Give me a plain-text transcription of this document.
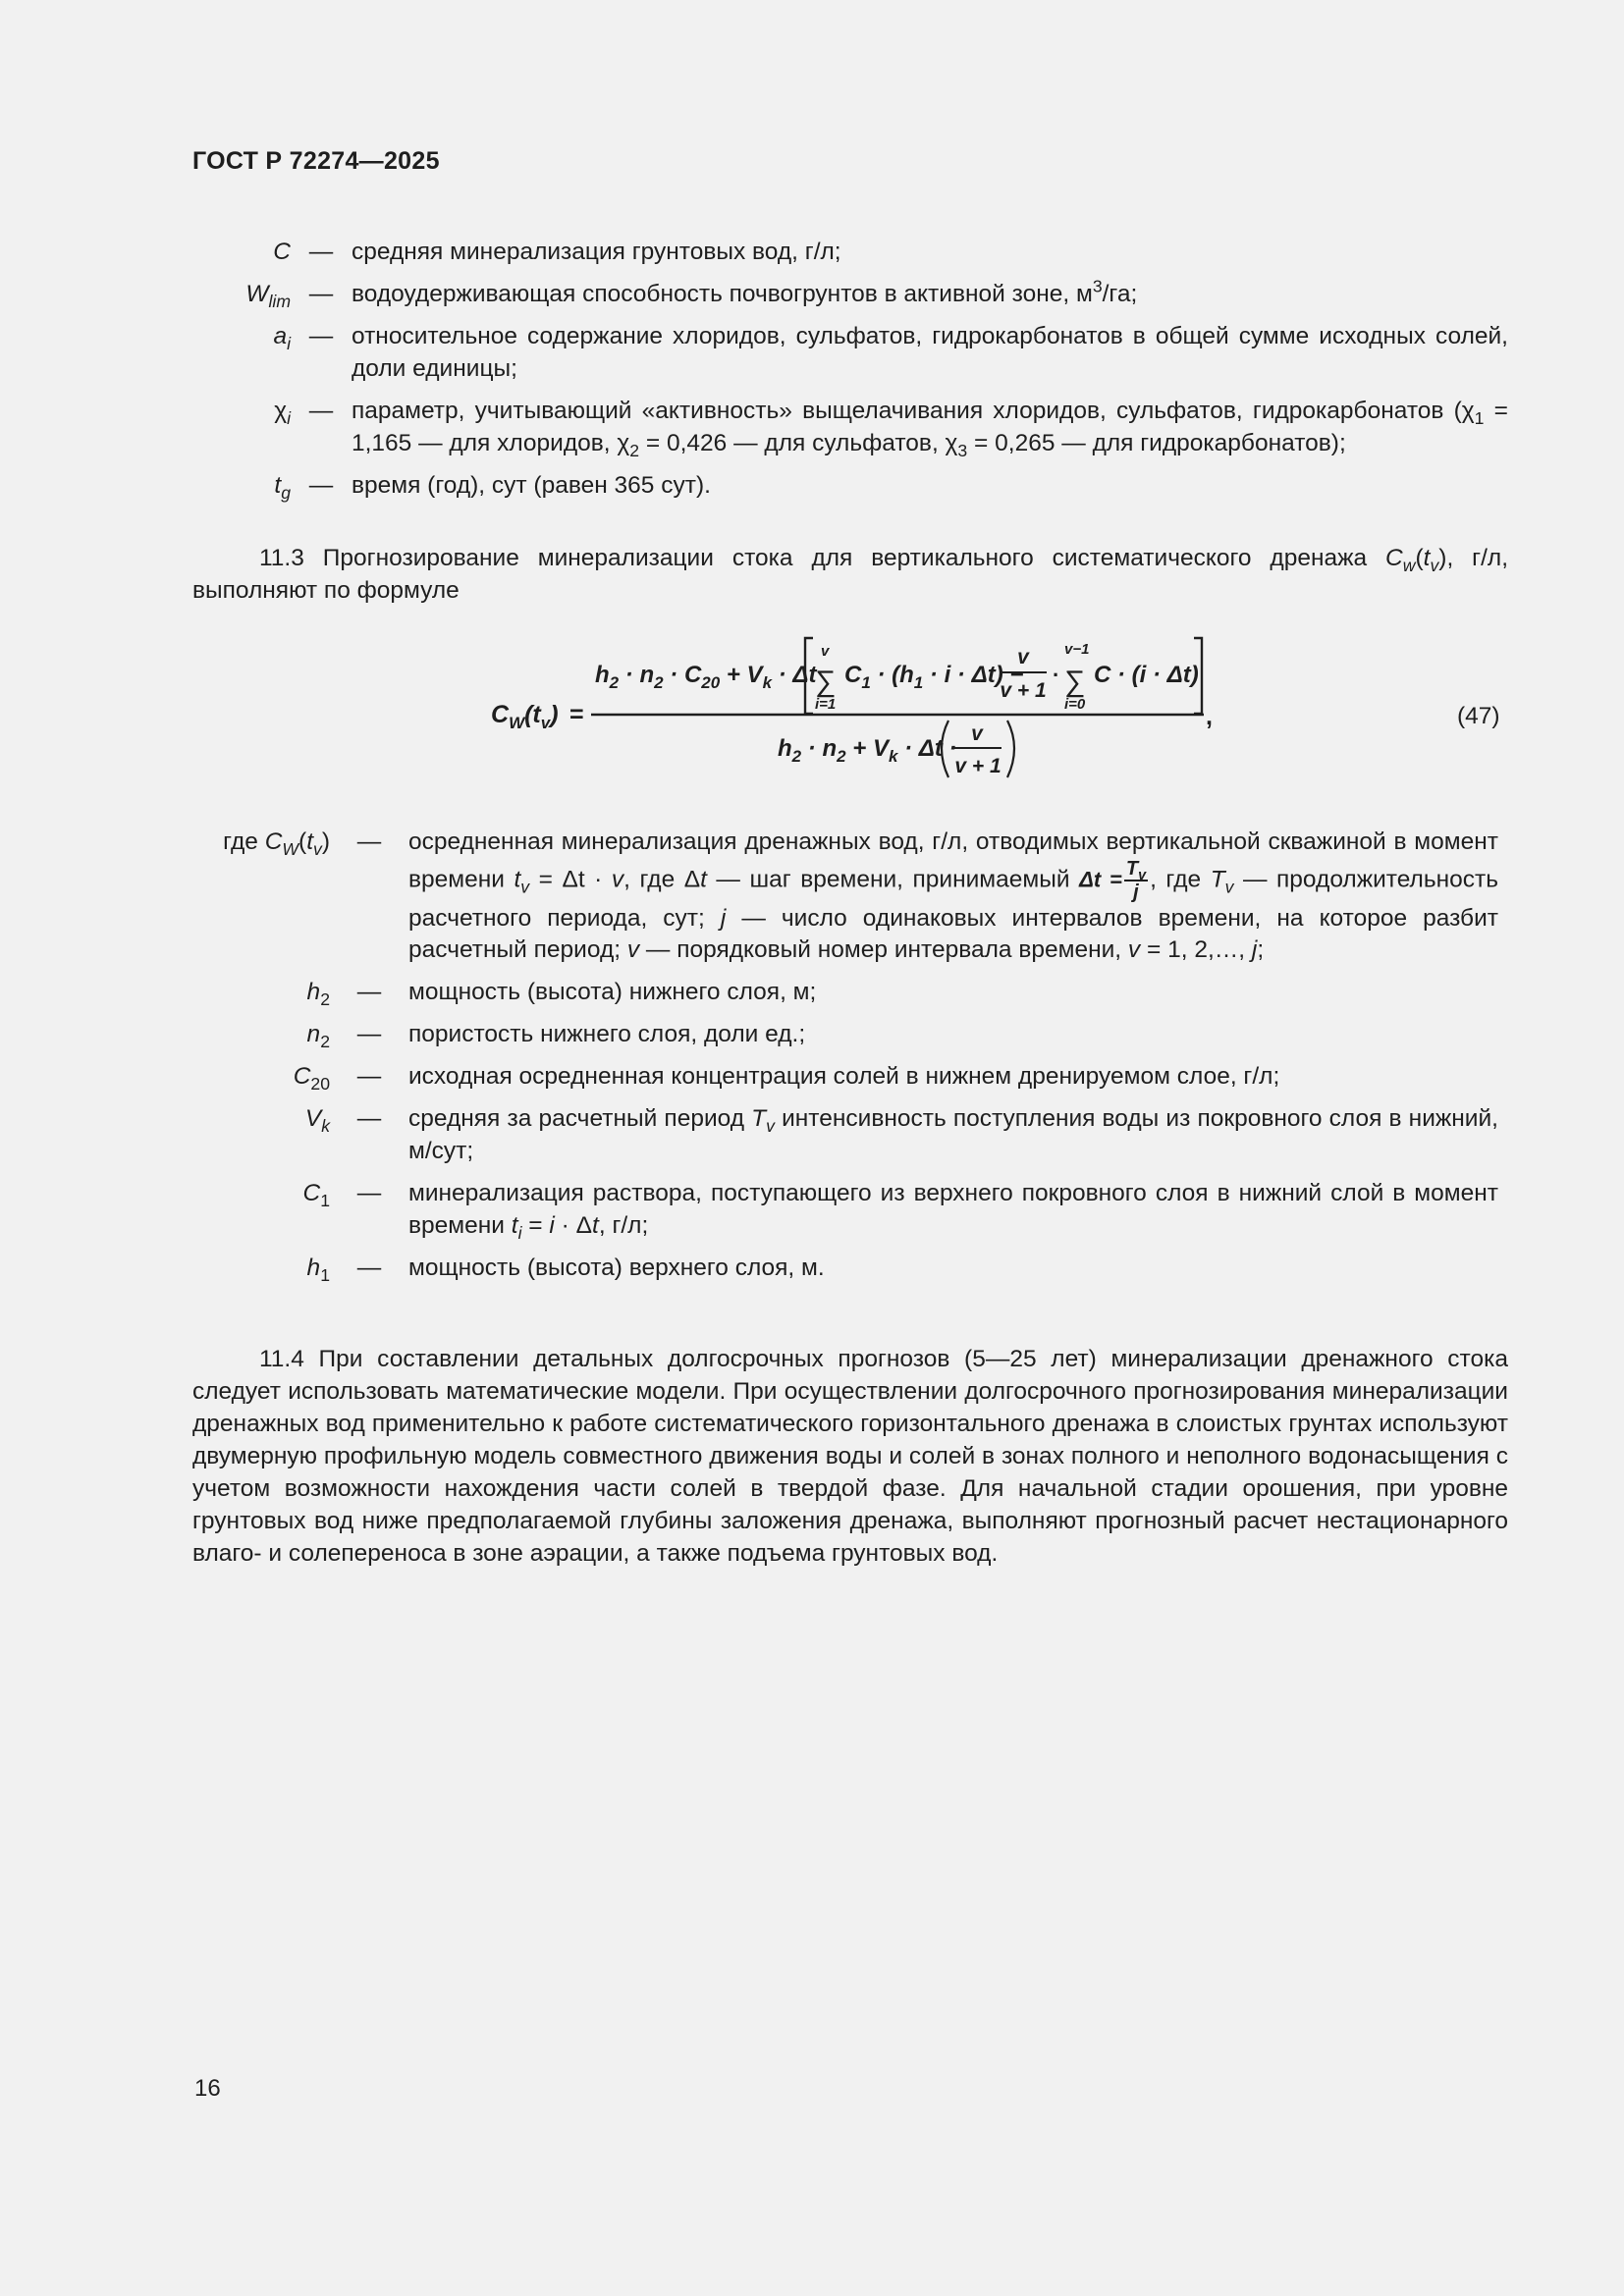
ГОСТ Р 72274—2025
C — средняя минерализация грунтовых вод, г/л;
$W_{lim}$ — водоудерживающая способность почвогрунтов в активной зоне, $м^3/га$;
$a_i$ — относительное содержание хлоридов, сульфатов, гидрокарбонатов в общей сумме исходных солей, доли единицы;
$\chi_i$ — параметр, учитывающий «активность» выщелачивания хлоридов, сульфатов, гидрокарбонатов ($\chi_1 = 1,165$ — для хлоридов, $\chi_2 = 0,426$ — для сульфатов, $\chi_3 = 0,265$ — для гидрокарбонатов);
$t_g$ — время (год), сут (равен 365 сут).
11.3 Прогнозирование минерализации стока для вертикального систематического дренажа $C_w(t_v)$, г/л, выполняют по формуле
$C_W(t_v)$ =
$h_2 \cdot n_2 \cdot C_{20} + V_k \cdot \Delta t$
v
∑
i=1
$C_1 \cdot (h_1 \cdot i \cdot \Delta t)$ −
v
v + 1
·
v−1
∑
i=0
C · (i · Δt)
,
$h_2 \cdot n_2 + V_k \cdot \Delta t$ ·
v
v + 1
(47)
где $C_W(t_v)$	—	осредненная минерализация дренажных вод, г/л, отводимых вертикальной скважиной в момент времени $t_v = \Delta t \cdot v$, где Δt — шаг времени, принимаемый $\Delta t = \frac{T_v}{j}$ , где $T_v$ — продолжительность расчетного периода, сут; j — число одинаковых интервалов времени, на которое разбит расчетный период; v — порядковый номер интервала времени, v = 1, 2,…, j;
$h_2$	—	мощность (высота) нижнего слоя, м;
$n_2$	—	пористость нижнего слоя, доли ед.;
$C_{20}$	—	исходная осредненная концентрация солей в нижнем дренируемом слое, г/л;
$V_k$	—	средняя за расчетный период $T_v$ интенсивность поступления воды из покровного слоя в нижний, м/сут;
$C_1$	—	минерализация раствора, поступающего из верхнего покровного слоя в нижний слой в момент времени $t_i = i \cdot \Delta t$, г/л;
$h_1$	—	мощность (высота) верхнего слоя, м.
11.4 При составлении детальных долгосрочных прогнозов (5—25 лет) минерализации дренажного стока следует использовать математические модели. При осуществлении долгосрочного прогнозирования минерализации дренажных вод применительно к работе систематического горизонтального дренажа в слоистых грунтах используют двумерную профильную модель совместного движения воды и солей в зонах полного и неполного водонасыщения с учетом возможности нахождения части солей в твердой фазе. Для начальной стадии орошения, при уровне грунтовых вод ниже предполагаемой глубины заложения дренажа, выполняют прогнозный расчет нестационарного влаго- и солепереноса в зоне аэрации, а также подъема грунтовых вод.
16
